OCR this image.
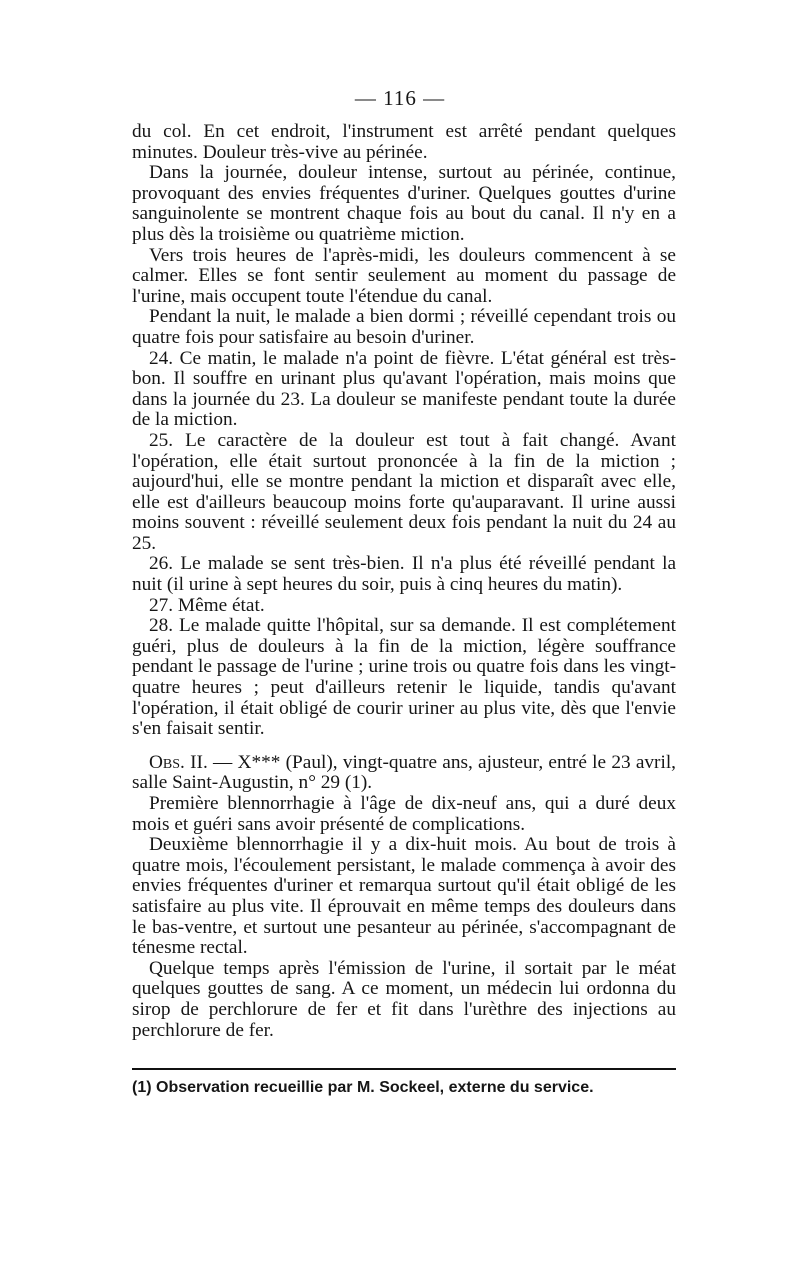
— 116 —

du col. En cet endroit, l'instrument est arrêté pendant quelques minutes. Douleur très-vive au périnée.

Dans la journée, douleur intense, surtout au périnée, continue, provoquant des envies fréquentes d'uriner. Quelques gouttes d'urine sanguinolente se montrent chaque fois au bout du canal. Il n'y en a plus dès la troisième ou quatrième miction.

Vers trois heures de l'après-midi, les douleurs commencent à se calmer. Elles se font sentir seulement au moment du passage de l'urine, mais occupent toute l'étendue du canal.

Pendant la nuit, le malade a bien dormi ; réveillé cependant trois ou quatre fois pour satisfaire au besoin d'uriner.

24. Ce matin, le malade n'a point de fièvre. L'état général est très-bon. Il souffre en urinant plus qu'avant l'opération, mais moins que dans la journée du 23. La douleur se manifeste pendant toute la durée de la miction.

25. Le caractère de la douleur est tout à fait changé. Avant l'opération, elle était surtout prononcée à la fin de la miction ; aujourd'hui, elle se montre pendant la miction et disparaît avec elle, elle est d'ailleurs beaucoup moins forte qu'auparavant. Il urine aussi moins souvent : réveillé seulement deux fois pendant la nuit du 24 au 25.

26. Le malade se sent très-bien. Il n'a plus été réveillé pendant la nuit (il urine à sept heures du soir, puis à cinq heures du matin).

27. Même état.

28. Le malade quitte l'hôpital, sur sa demande. Il est complétement guéri, plus de douleurs à la fin de la miction, légère souffrance pendant le passage de l'urine ; urine trois ou quatre fois dans les vingt-quatre heures ; peut d'ailleurs retenir le liquide, tandis qu'avant l'opération, il était obligé de courir uriner au plus vite, dès que l'envie s'en faisait sentir.

Obs. II. — X*** (Paul), vingt-quatre ans, ajusteur, entré le 23 avril, salle Saint-Augustin, n° 29 (1).

Première blennorrhagie à l'âge de dix-neuf ans, qui a duré deux mois et guéri sans avoir présenté de complications.

Deuxième blennorrhagie il y a dix-huit mois. Au bout de trois à quatre mois, l'écoulement persistant, le malade commença à avoir des envies fréquentes d'uriner et remarqua surtout qu'il était obligé de les satisfaire au plus vite. Il éprouvait en même temps des douleurs dans le bas-ventre, et surtout une pesanteur au périnée, s'accompagnant de ténesme rectal.

Quelque temps après l'émission de l'urine, il sortait par le méat quelques gouttes de sang. A ce moment, un médecin lui ordonna du sirop de perchlorure de fer et fit dans l'urèthre des injections au perchlorure de fer.

(1) Observation recueillie par M. Sockeel, externe du service.
